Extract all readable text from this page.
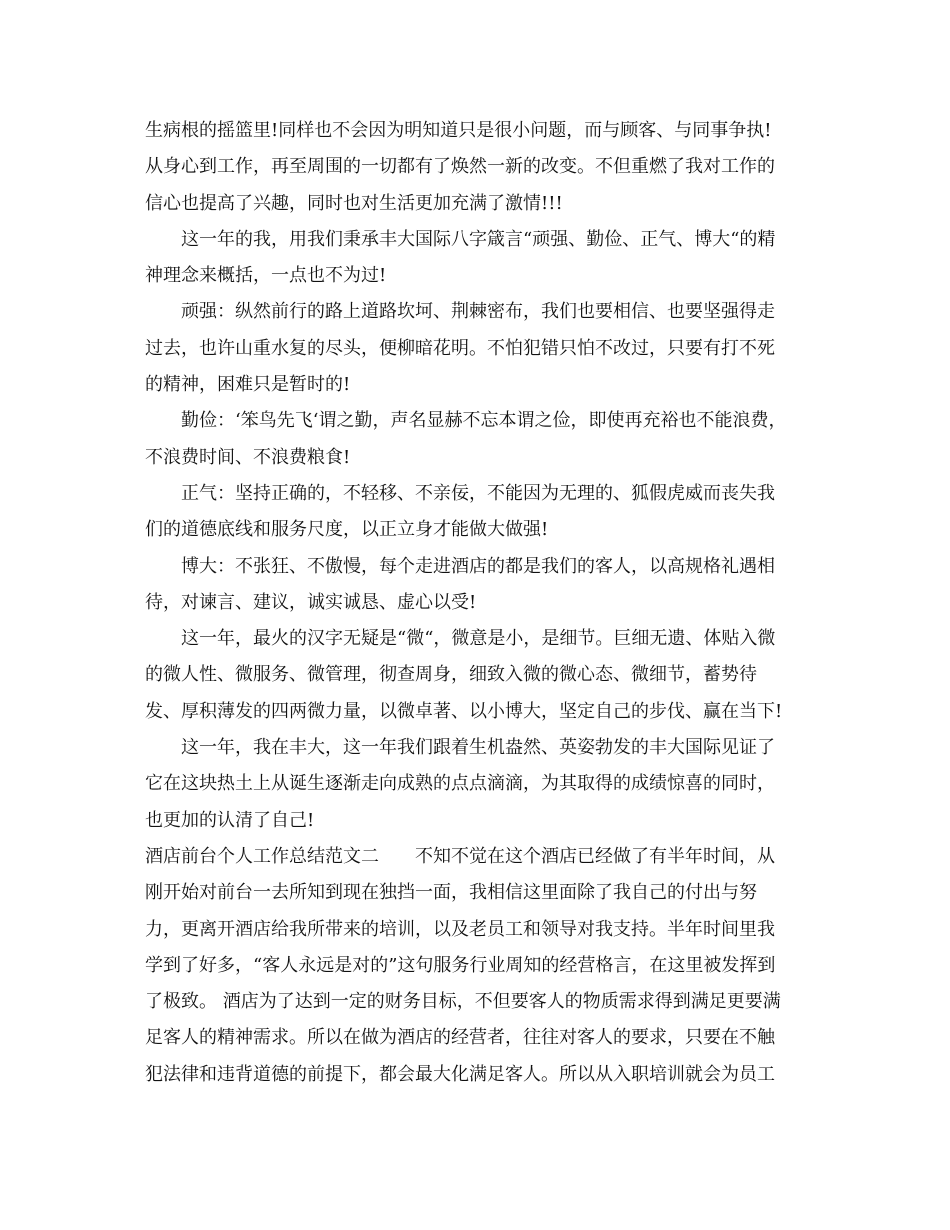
生病根的摇篮里!同样也不会因为明知道只是很小问题，而与顾客、与同事争执!
从身心到工作，再至周围的一切都有了焕然一新的改变。不但重燃了我对工作的
信心也提高了兴趣，同时也对生活更加充满了激情!!!
　　这一年的我，用我们秉承丰大国际八字箴言“顽强、勤俭、正气、博大“的精
神理念来概括，一点也不为过!
　　顽强：纵然前行的路上道路坎坷、荆棘密布，我们也要相信、也要坚强得走
过去，也许山重水复的尽头，便柳暗花明。不怕犯错只怕不改过，只要有打不死
的精神，困难只是暂时的!
　　勤俭：‘笨鸟先飞‘谓之勤，声名显赫不忘本谓之俭，即使再充裕也不能浪费，
不浪费时间、不浪费粮食!
　　正气：坚持正确的，不轻移、不亲佞，不能因为无理的、狐假虎威而丧失我
们的道德底线和服务尺度，以正立身才能做大做强!
　　博大：不张狂、不傲慢，每个走进酒店的都是我们的客人，以高规格礼遇相
待，对谏言、建议，诚实诚恳、虚心以受!
　　这一年，最火的汉字无疑是“微“，微意是小，是细节。巨细无遗、体贴入微
的微人性、微服务、微管理，彻查周身，细致入微的微心态、微细节，蓄势待
发、厚积薄发的四两微力量，以微卓著、以小博大，坚定自己的步伐、赢在当下!
　　这一年，我在丰大，这一年我们跟着生机盎然、英姿勃发的丰大国际见证了
它在这块热土上从诞生逐渐走向成熟的点点滴滴，为其取得的成绩惊喜的同时，
也更加的认清了自己!
酒店前台个人工作总结范文二　　不知不觉在这个酒店已经做了有半年时间，从
刚开始对前台一去所知到现在独挡一面，我相信这里面除了我自己的付出与努
力，更离开酒店给我所带来的培训，以及老员工和领导对我支持。半年时间里我
学到了好多，“客人永远是对的”这句服务行业周知的经营格言，在这里被发挥到
了极致。 酒店为了达到一定的财务目标，不但要客人的物质需求得到满足更要满
足客人的精神需求。所以在做为酒店的经营者，往往对客人的要求，只要在不触
犯法律和违背道德的前提下，都会最大化满足客人。所以从入职培训就会为员工
